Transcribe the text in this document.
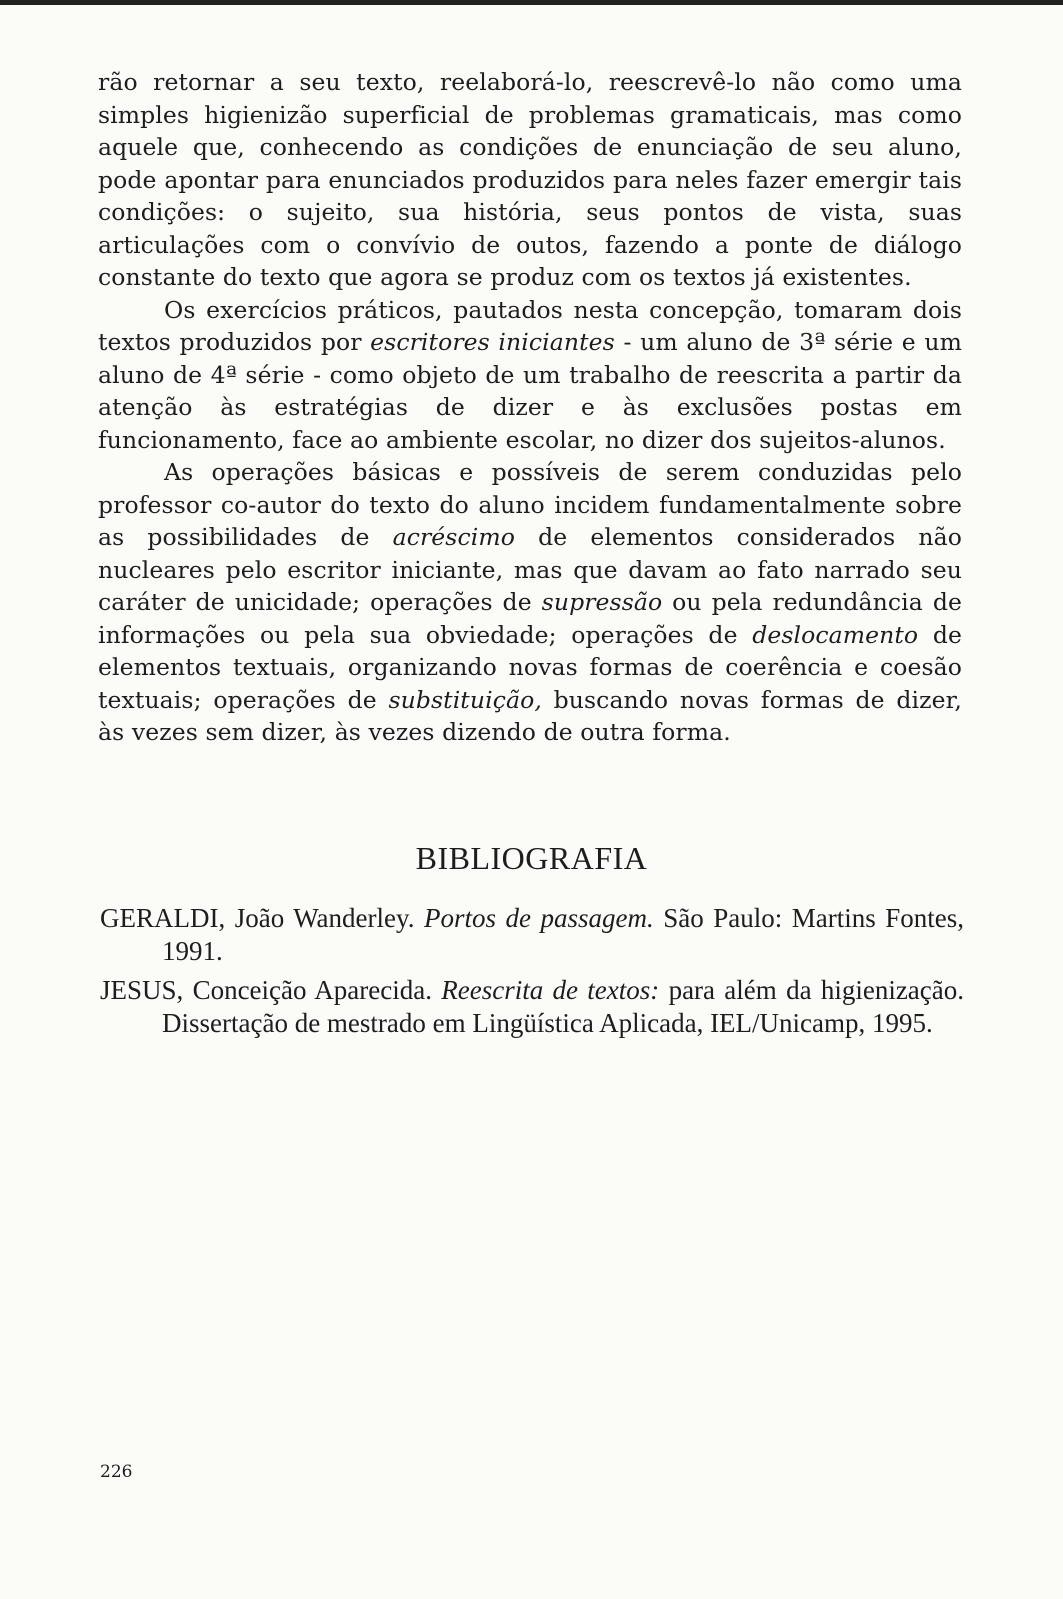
rão retornar a seu texto, reelaborá-lo, reescrevê-lo não como uma simples higienizão superficial de problemas gramaticais, mas como aquele que, conhecendo as condições de enunciação de seu aluno, pode apontar para enunciados produzidos para neles fazer emergir tais condições: o sujeito, sua história, seus pontos de vista, suas articulações com o convívio de outos, fazendo a ponte de diálogo constante do texto que agora se produz com os textos já existentes.

Os exercícios práticos, pautados nesta concepção, tomaram dois textos produzidos por escritores iniciantes - um aluno de 3ª série e um aluno de 4ª série - como objeto de um trabalho de reescrita a partir da atenção às estratégias de dizer e às exclusões postas em funcionamento, face ao ambiente escolar, no dizer dos sujeitos-alunos.

As operações básicas e possíveis de serem conduzidas pelo professor co-autor do texto do aluno incidem fundamentalmente sobre as possibilidades de acréscimo de elementos considerados não nucleares pelo escritor iniciante, mas que davam ao fato narrado seu caráter de unicidade; operações de supressão ou pela redundância de informações ou pela sua obviedade; operações de deslocamento de elementos textuais, organizando novas formas de coerência e coesão textuais; operações de substituição, buscando novas formas de dizer, às vezes sem dizer, às vezes dizendo de outra forma.

BIBLIOGRAFIA

GERALDI, João Wanderley. Portos de passagem. São Paulo: Martins Fontes, 1991.

JESUS, Conceição Aparecida. Reescrita de textos: para além da higienização. Dissertação de mestrado em Lingüística Aplicada, IEL/Unicamp, 1995.

226
